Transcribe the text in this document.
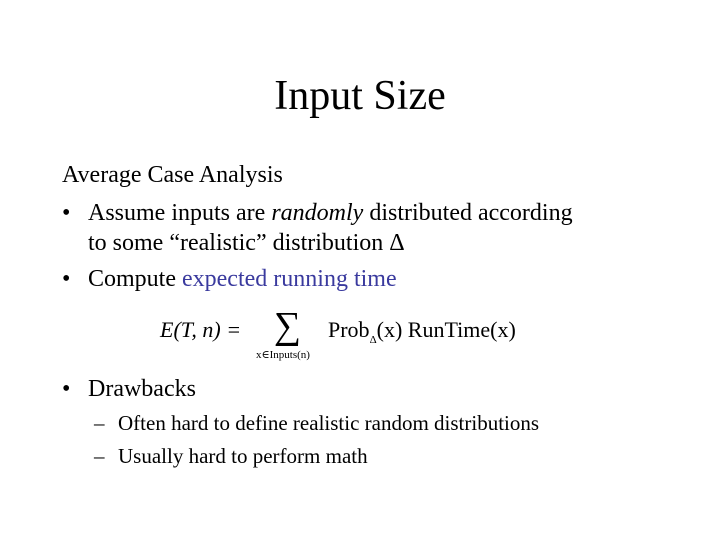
Input Size
Average Case Analysis
• Assume inputs are randomly distributed according
to some “realistic” distribution Δ
• Compute expected running time
E(T, n) = ∑
x∈Inputs(n)
Prob$_\Delta$(x) RunTime(x)
• Drawbacks
– Often hard to define realistic random distributions
– Usually hard to perform math
